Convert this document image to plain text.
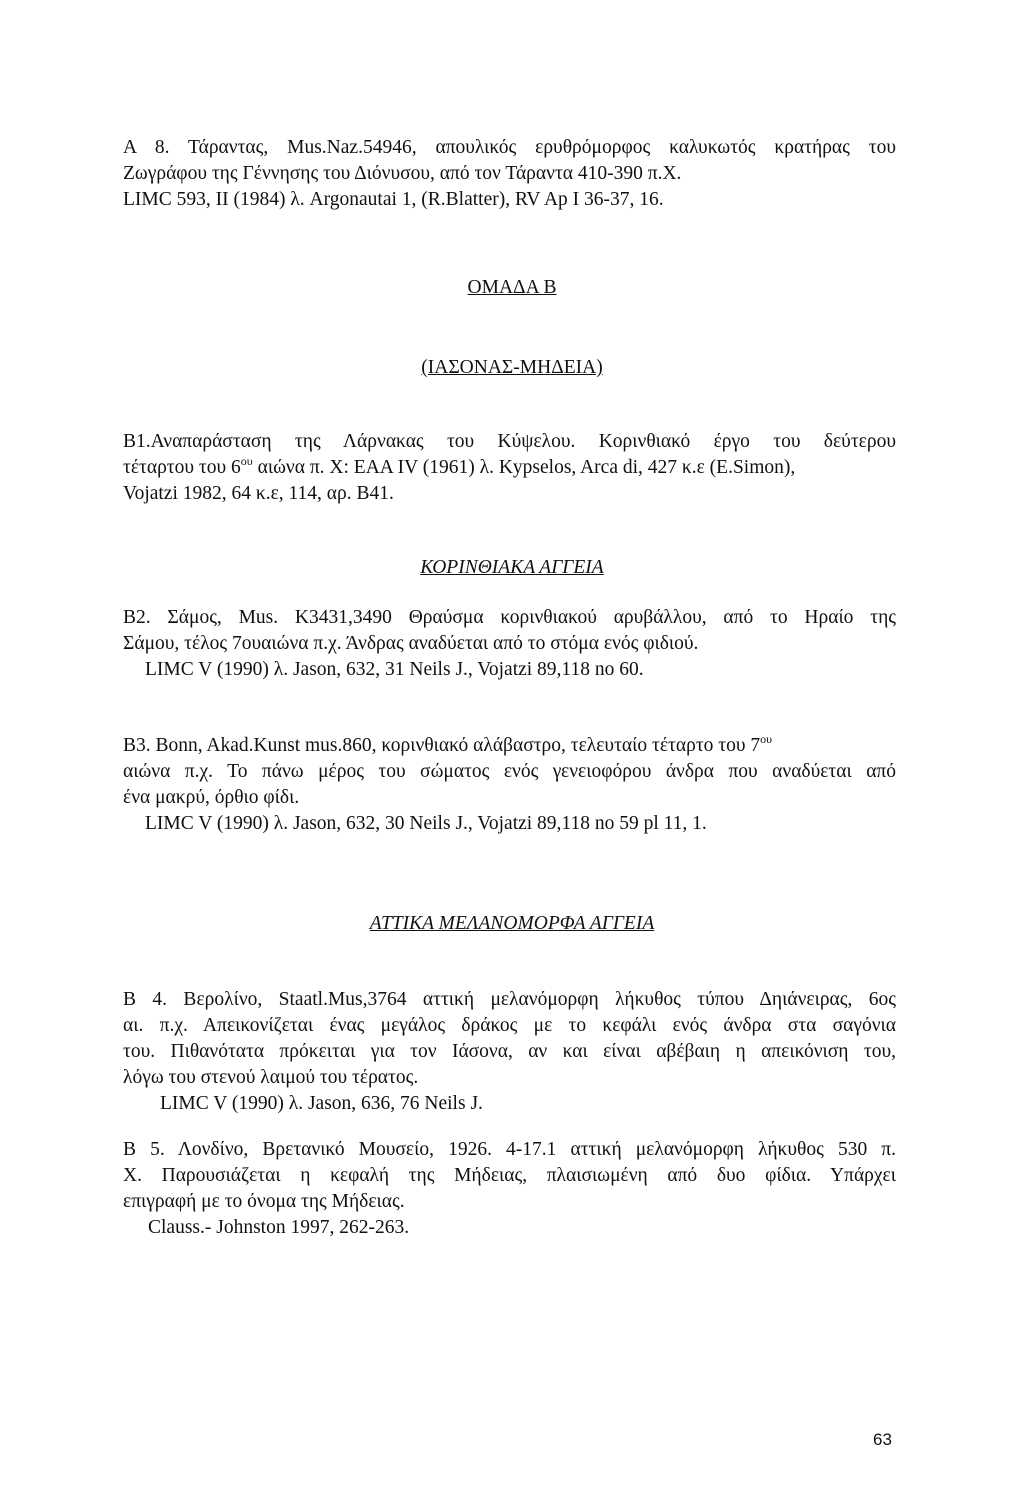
Α 8. Τάραντας, Mus.Naz.54946, απουλικός ερυθρόμορφος καλυκωτός κρατήρας του

Ζωγράφου της Γέννησης του Διόνυσου, από τον Τάραντα 410-390 π.Χ.

LIMC 593, II (1984) λ. Argonautai 1, (R.Blatter), RV Ap I 36-37, 16.

ΟΜΑΔΑ Β

(ΙΑΣΟΝΑΣ-ΜΗΔΕΙΑ)

Β1.Αναπαράσταση της Λάρνακας του Κύψελου. Κορινθιακό έργο του δεύτερου

τέταρτου του $6^{o\upsilon}$ αιώνα π. Χ: ΕΑΑ IV (1961) λ. Kypselos, Arca di, 427 κ.ε (E.Simon),

Vojatzi 1982, 64 κ.ε, 114, αρ. Β41.

ΚΟΡΙΝΘΙΑΚΑ ΑΓΓΕΙΑ

Β2. Σάμος, Mus. K3431,3490 Θραύσμα κορινθιακού αρυβάλλου, από το Ηραίο της

Σάμου, τέλος 7ουαιώνα π.χ. Άνδρας αναδύεται από το στόμα ενός φιδιού.

LIMC V (1990) λ. Jason, 632, 31 Neils J., Vojatzi 89,118 no 60.

Β3. Bonn, Akad.Kunst mus.860, κορινθιακό αλάβαστρο, τελευταίο τέταρτο του $7^{o\upsilon}$

αιώνα π.χ. Το πάνω μέρος του σώματος ενός γενειοφόρου άνδρα που αναδύεται από

ένα μακρύ, όρθιο φίδι.

LIMC V (1990) λ. Jason, 632, 30 Neils J., Vojatzi 89,118 no 59 pl 11, 1.

ΑΤΤΙΚΑ ΜΕΛΑΝΟΜΟΡΦΑ ΑΓΓΕΙΑ

Β 4. Βερολίνο, Staatl.Mus,3764 αττική μελανόμορφη λήκυθος τύπου Δηιάνειρας, 6ος

αι. π.χ. Απεικονίζεται ένας μεγάλος δράκος με το κεφάλι ενός άνδρα στα σαγόνια

του. Πιθανότατα πρόκειται για τον Ιάσονα, αν και είναι αβέβαιη η απεικόνιση του,

λόγω του στενού λαιμού του τέρατος.

LIMC V (1990) λ. Jason, 636, 76 Neils J.

Β 5. Λονδίνο, Βρετανικό Μουσείο, 1926. 4-17.1 αττική μελανόμορφη λήκυθος 530 π.

Χ. Παρουσιάζεται η κεφαλή της Μήδειας, πλαισιωμένη από δυο φίδια. Υπάρχει

επιγραφή με το όνομα της Μήδειας.

Clauss.- Johnston 1997, 262-263.

63
